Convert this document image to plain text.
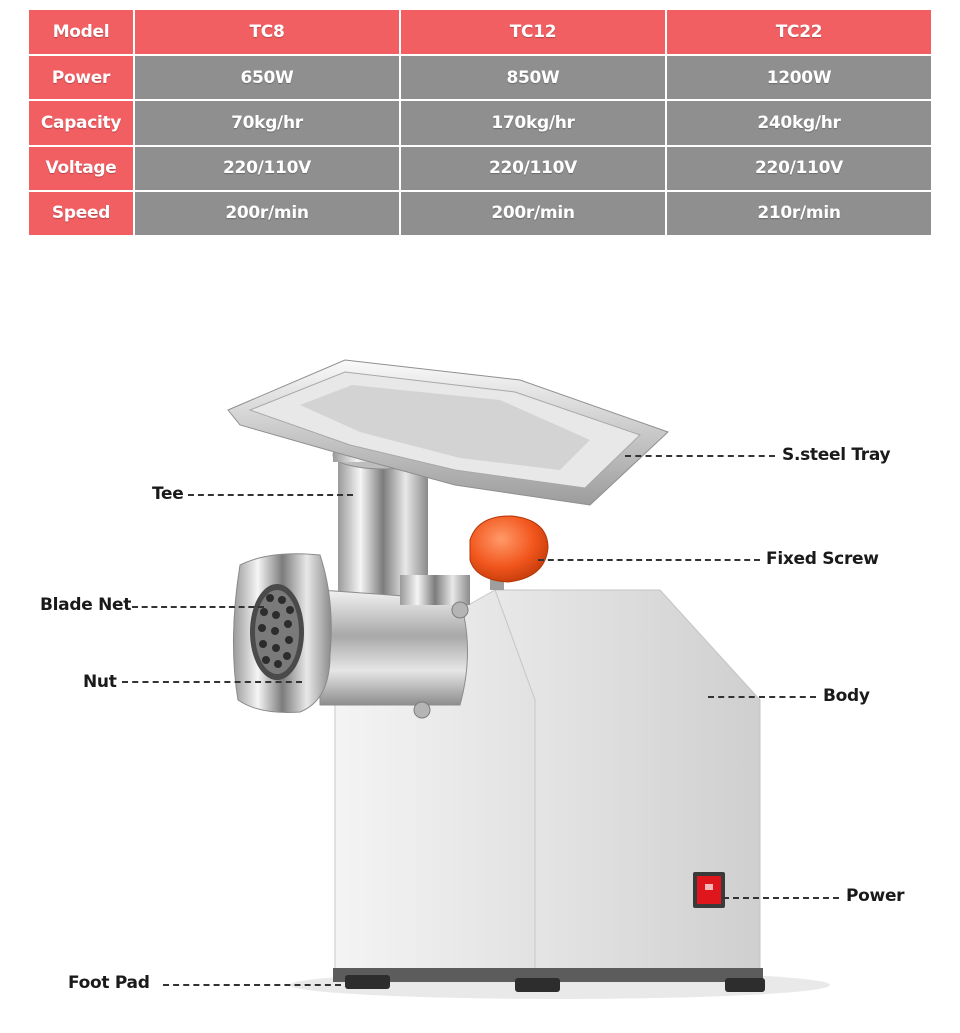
Model	TC8	TC12	TC22
Power	650W	850W	1200W
Capacity	70kg/hr	170kg/hr	240kg/hr
Voltage	220/110V	220/110V	220/110V
Speed	200r/min	200r/min	210r/min
S.steel Tray
Tee
Fixed Screw
Blade Net
Nut
Body
Power
Foot Pad
